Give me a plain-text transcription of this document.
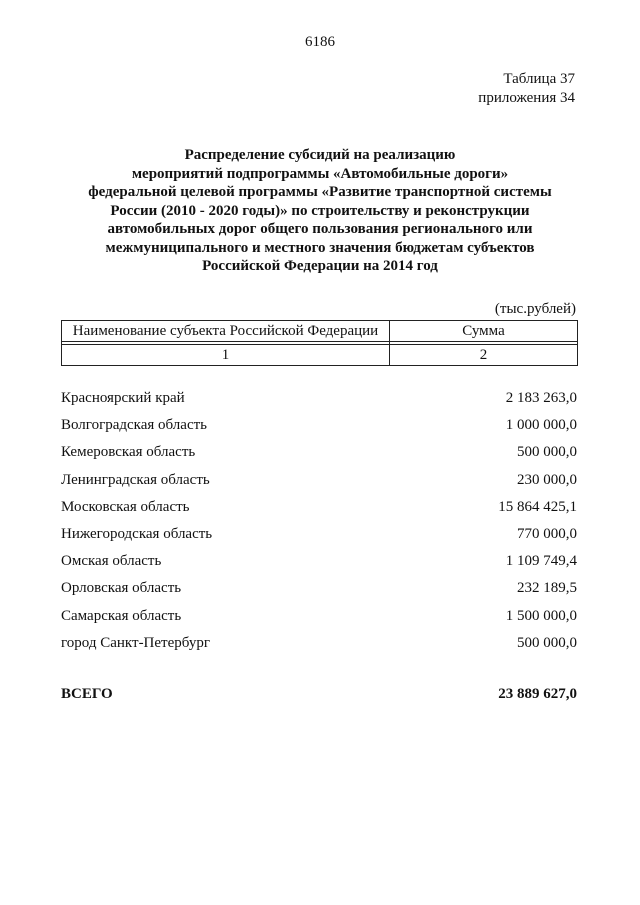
6186
Таблица 37
приложения 34
Распределение субсидий на реализацию
мероприятий подпрограммы «Автомобильные дороги»
федеральной целевой программы «Развитие транспортной системы
России (2010 - 2020 годы)» по строительству и реконструкции
автомобильных дорог общего пользования регионального или
межмуниципального и местного значения бюджетам субъектов
Российской Федерации на 2014 год
(тыс.рублей)
Наименование субъекта Российской Федерации	Сумма

1	2
Красноярский край	2 183 263,0
Волгоградская область	1 000 000,0
Кемеровская область	500 000,0
Ленинградская область	230 000,0
Московская область	15 864 425,1
Нижегородская область	770 000,0
Омская область	1 109 749,4
Орловская область	232 189,5
Самарская область	1 500 000,0
город Санкт-Петербург	500 000,0
ВСЕГО	23 889 627,0
